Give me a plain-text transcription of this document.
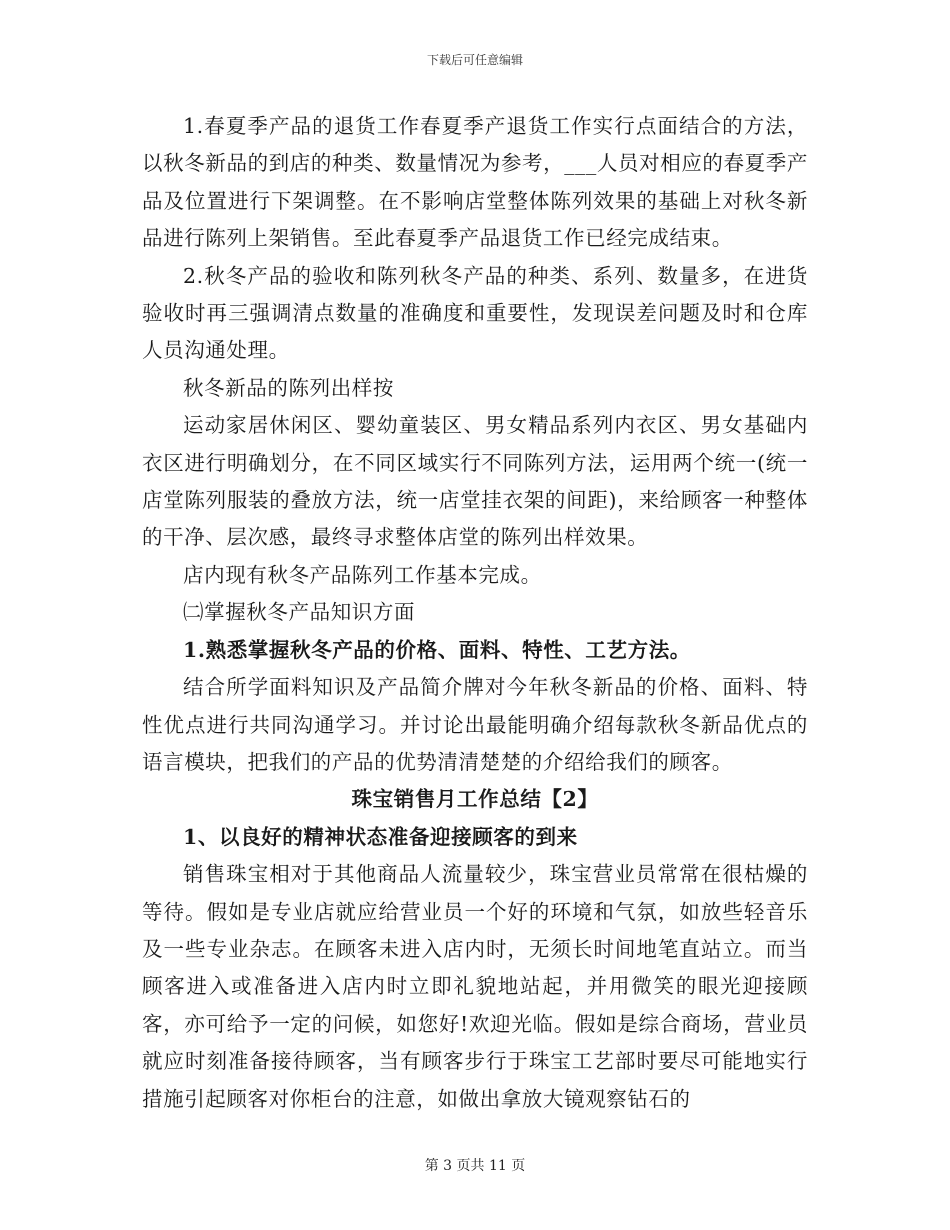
下载后可任意编辑

1.春夏季产品的退货工作春夏季产退货工作实行点面结合的方法，以秋冬新品的到店的种类、数量情况为参考，___人员对相应的春夏季产品及位置进行下架调整。在不影响店堂整体陈列效果的基础上对秋冬新品进行陈列上架销售。至此春夏季产品退货工作已经完成结束。

2.秋冬产品的验收和陈列秋冬产品的种类、系列、数量多，在进货验收时再三强调清点数量的准确度和重要性，发现误差问题及时和仓库人员沟通处理。

秋冬新品的陈列出样按

运动家居休闲区、婴幼童装区、男女精品系列内衣区、男女基础内衣区进行明确划分，在不同区域实行不同陈列方法，运用两个统一(统一店堂陈列服装的叠放方法，统一店堂挂衣架的间距)，来给顾客一种整体的干净、层次感，最终寻求整体店堂的陈列出样效果。

店内现有秋冬产品陈列工作基本完成。

㈡掌握秋冬产品知识方面

1.熟悉掌握秋冬产品的价格、面料、特性、工艺方法。

结合所学面料知识及产品简介牌对今年秋冬新品的价格、面料、特性优点进行共同沟通学习。并讨论出最能明确介绍每款秋冬新品优点的语言模块，把我们的产品的优势清清楚楚的介绍给我们的顾客。

珠宝销售月工作总结【2】

1、以良好的精神状态准备迎接顾客的到来

销售珠宝相对于其他商品人流量较少，珠宝营业员常常在很枯燥的等待。假如是专业店就应给营业员一个好的环境和气氛，如放些轻音乐及一些专业杂志。在顾客未进入店内时，无须长时间地笔直站立。而当顾客进入或准备进入店内时立即礼貌地站起，并用微笑的眼光迎接顾客，亦可给予一定的问候，如您好!欢迎光临。假如是综合商场，营业员就应时刻准备接待顾客，当有顾客步行于珠宝工艺部时要尽可能地实行措施引起顾客对你柜台的注意，如做出拿放大镜观察钻石的

第 3 页共 11 页
